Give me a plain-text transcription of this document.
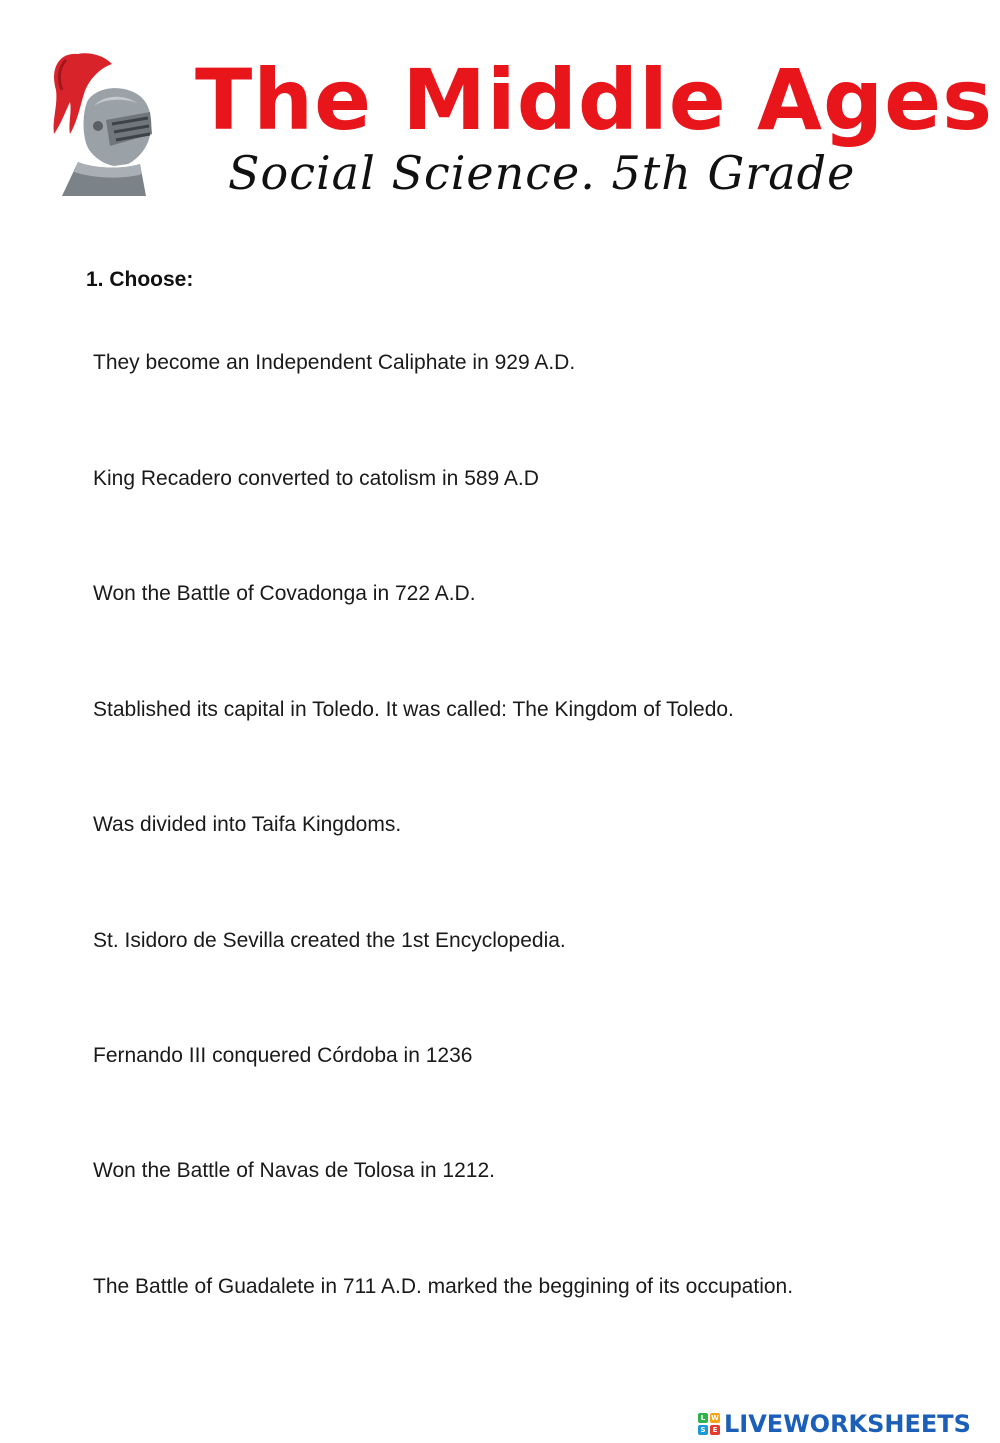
The Middle Ages
Social Science. 5th Grade
1. Choose:
They become an Independent Caliphate in 929 A.D.
King Recadero converted to catolism in 589 A.D
Won the Battle of Covadonga in 722 A.D.
Stablished its capital in Toledo. It was called: The Kingdom of Toledo.
Was divided into Taifa Kingdoms.
St. Isidoro de Sevilla created the 1st Encyclopedia.
Fernando III conquered Córdoba in 1236
Won the Battle of Navas de Tolosa in 1212.
The Battle of Guadalete in 711 A.D. marked the beggining of its occupation.
L W
S	E LIVEWORKSHEETS
